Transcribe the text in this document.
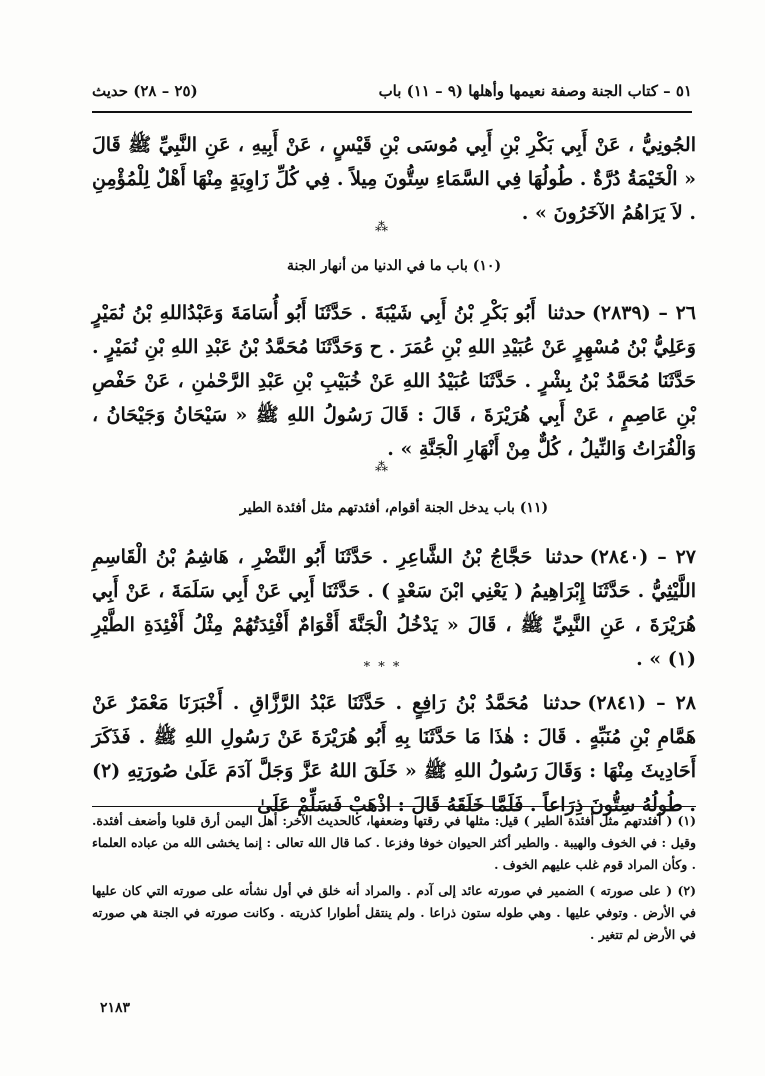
٥١ – كتاب الجنة وصفة نعيمها وأهلها (٩ – ١١) باب
(٢٥ – ٢٨) حديث
الجُونِيُّ ، عَنْ أَبِي بَكْرِ بْنِ أَبِي مُوسَى بْنِ قَيْسٍ ، عَنْ أَبِيهِ ، عَنِ النَّبِيِّ ﷺ قَالَ « الْخَيْمَةُ دُرَّةٌ . طُولُهَا فِي السَّمَاءِ سِتُّونَ مِيلاً . فِي كُلِّ زَاوِيَةٍ مِنْهَا أَهْلٌ لِلْمُؤْمِنِ . لاَ يَرَاهُمُ الآخَرُونَ » .
⁂
(١٠) باب ما في الدنيا من أنهار الجنة
٢٦ – (٢٨٣٩)حدثنا أَبُو بَكْرِ بْنُ أَبِي شَيْبَةَ . حَدَّثَنَا أَبُو أُسَامَةَ وَعَبْدُاللهِ بْنُ نُمَيْرٍ وَعَلِيُّ بْنُ مُسْهِرٍ عَنْ عُبَيْدِ اللهِ بْنِ عُمَرَ . ح وَحَدَّثَنَا مُحَمَّدُ بْنُ عَبْدِ اللهِ بْنِ نُمَيْرٍ . حَدَّثَنَا مُحَمَّدُ بْنُ بِشْرٍ . حَدَّثَنَا عُبَيْدُ اللهِ عَنْ خُبَيْبِ بْنِ عَبْدِ الرَّحْمٰنِ ، عَنْ حَفْصِ بْنِ عَاصِمٍ ، عَنْ أَبِي هُرَيْرَةَ ، قَالَ : قَالَ رَسُولُ اللهِ ﷺ « سَيْحَانُ وَجَيْحَانُ ، وَالْفُرَاتُ وَالنِّيلُ ، كُلٌّ مِنْ أَنْهَارِ الْجَنَّةِ » .
⁂
(١١) باب يدخل الجنة أقوام، أفئدتهم مثل أفئدة الطير
٢٧ – (٢٨٤٠)حدثنا حَجَّاجُ بْنُ الشَّاعِرِ . حَدَّثَنَا أَبُو النَّضْرِ ، هَاشِمُ بْنُ الْقَاسِمِ اللَّيْثِيُّ . حَدَّثَنَا إِبْرَاهِيمُ ( يَعْنِي ابْنَ سَعْدٍ ) . حَدَّثَنَا أَبِي عَنْ أَبِي سَلَمَةَ ، عَنْ أَبِي هُرَيْرَةَ ، عَنِ النَّبِيِّ ﷺ ، قَالَ « يَدْخُلُ الْجَنَّةَ أَقْوَامٌ أَفْئِدَتُهُمْ مِثْلُ أَفْئِدَةِ الطَّيْرِ (١) » .
* * *
٢٨ – (٢٨٤١)حدثنا مُحَمَّدُ بْنُ رَافِعٍ . حَدَّثَنَا عَبْدُ الرَّزَّاقِ . أَخْبَرَنَا مَعْمَرٌ عَنْ هَمَّامِ بْنِ مُنَبِّهٍ . قَالَ : هٰذَا مَا حَدَّثَنَا بِهِ أَبُو هُرَيْرَةَ عَنْ رَسُولِ اللهِ ﷺ . فَذَكَرَ أَحَادِيثَ مِنْهَا : وَقَالَ رَسُولُ اللهِ ﷺ « خَلَقَ اللهُ عَزَّ وَجَلَّ آدَمَ عَلَىٰ صُورَتِهِ (٢) . طُولُهُ سِتُّونَ ذِرَاعاً . فَلَمَّا خَلَقَهُ قَالَ : اذْهَبْ فَسَلِّمْ عَلَىٰ

(١) ( أفئدتهم مثل أفئدة الطير ) قيل: مثلها في رقتها وضعفها، كالحديث الآخر: أهل اليمن أرق قلوبا وأضعف أفئدة. وقيل : في الخوف والهيبة . والطير أكثر الحيوان خوفا وفزعا . كما قال الله تعالى : إنما يخشى الله من عباده العلماء . وكأن المراد قوم غلب عليهم الخوف .

(٢) ( على صورته ) الضمير في صورته عائد إلى آدم . والمراد أنه خلق في أول نشأته على صورته التي كان عليها في الأرض . وتوفي عليها . وهي طوله ستون ذراعا . ولم ينتقل أطوارا كذريته . وكانت صورته في الجنة هي صورته في الأرض لم تتغير .

٢١٨٣
